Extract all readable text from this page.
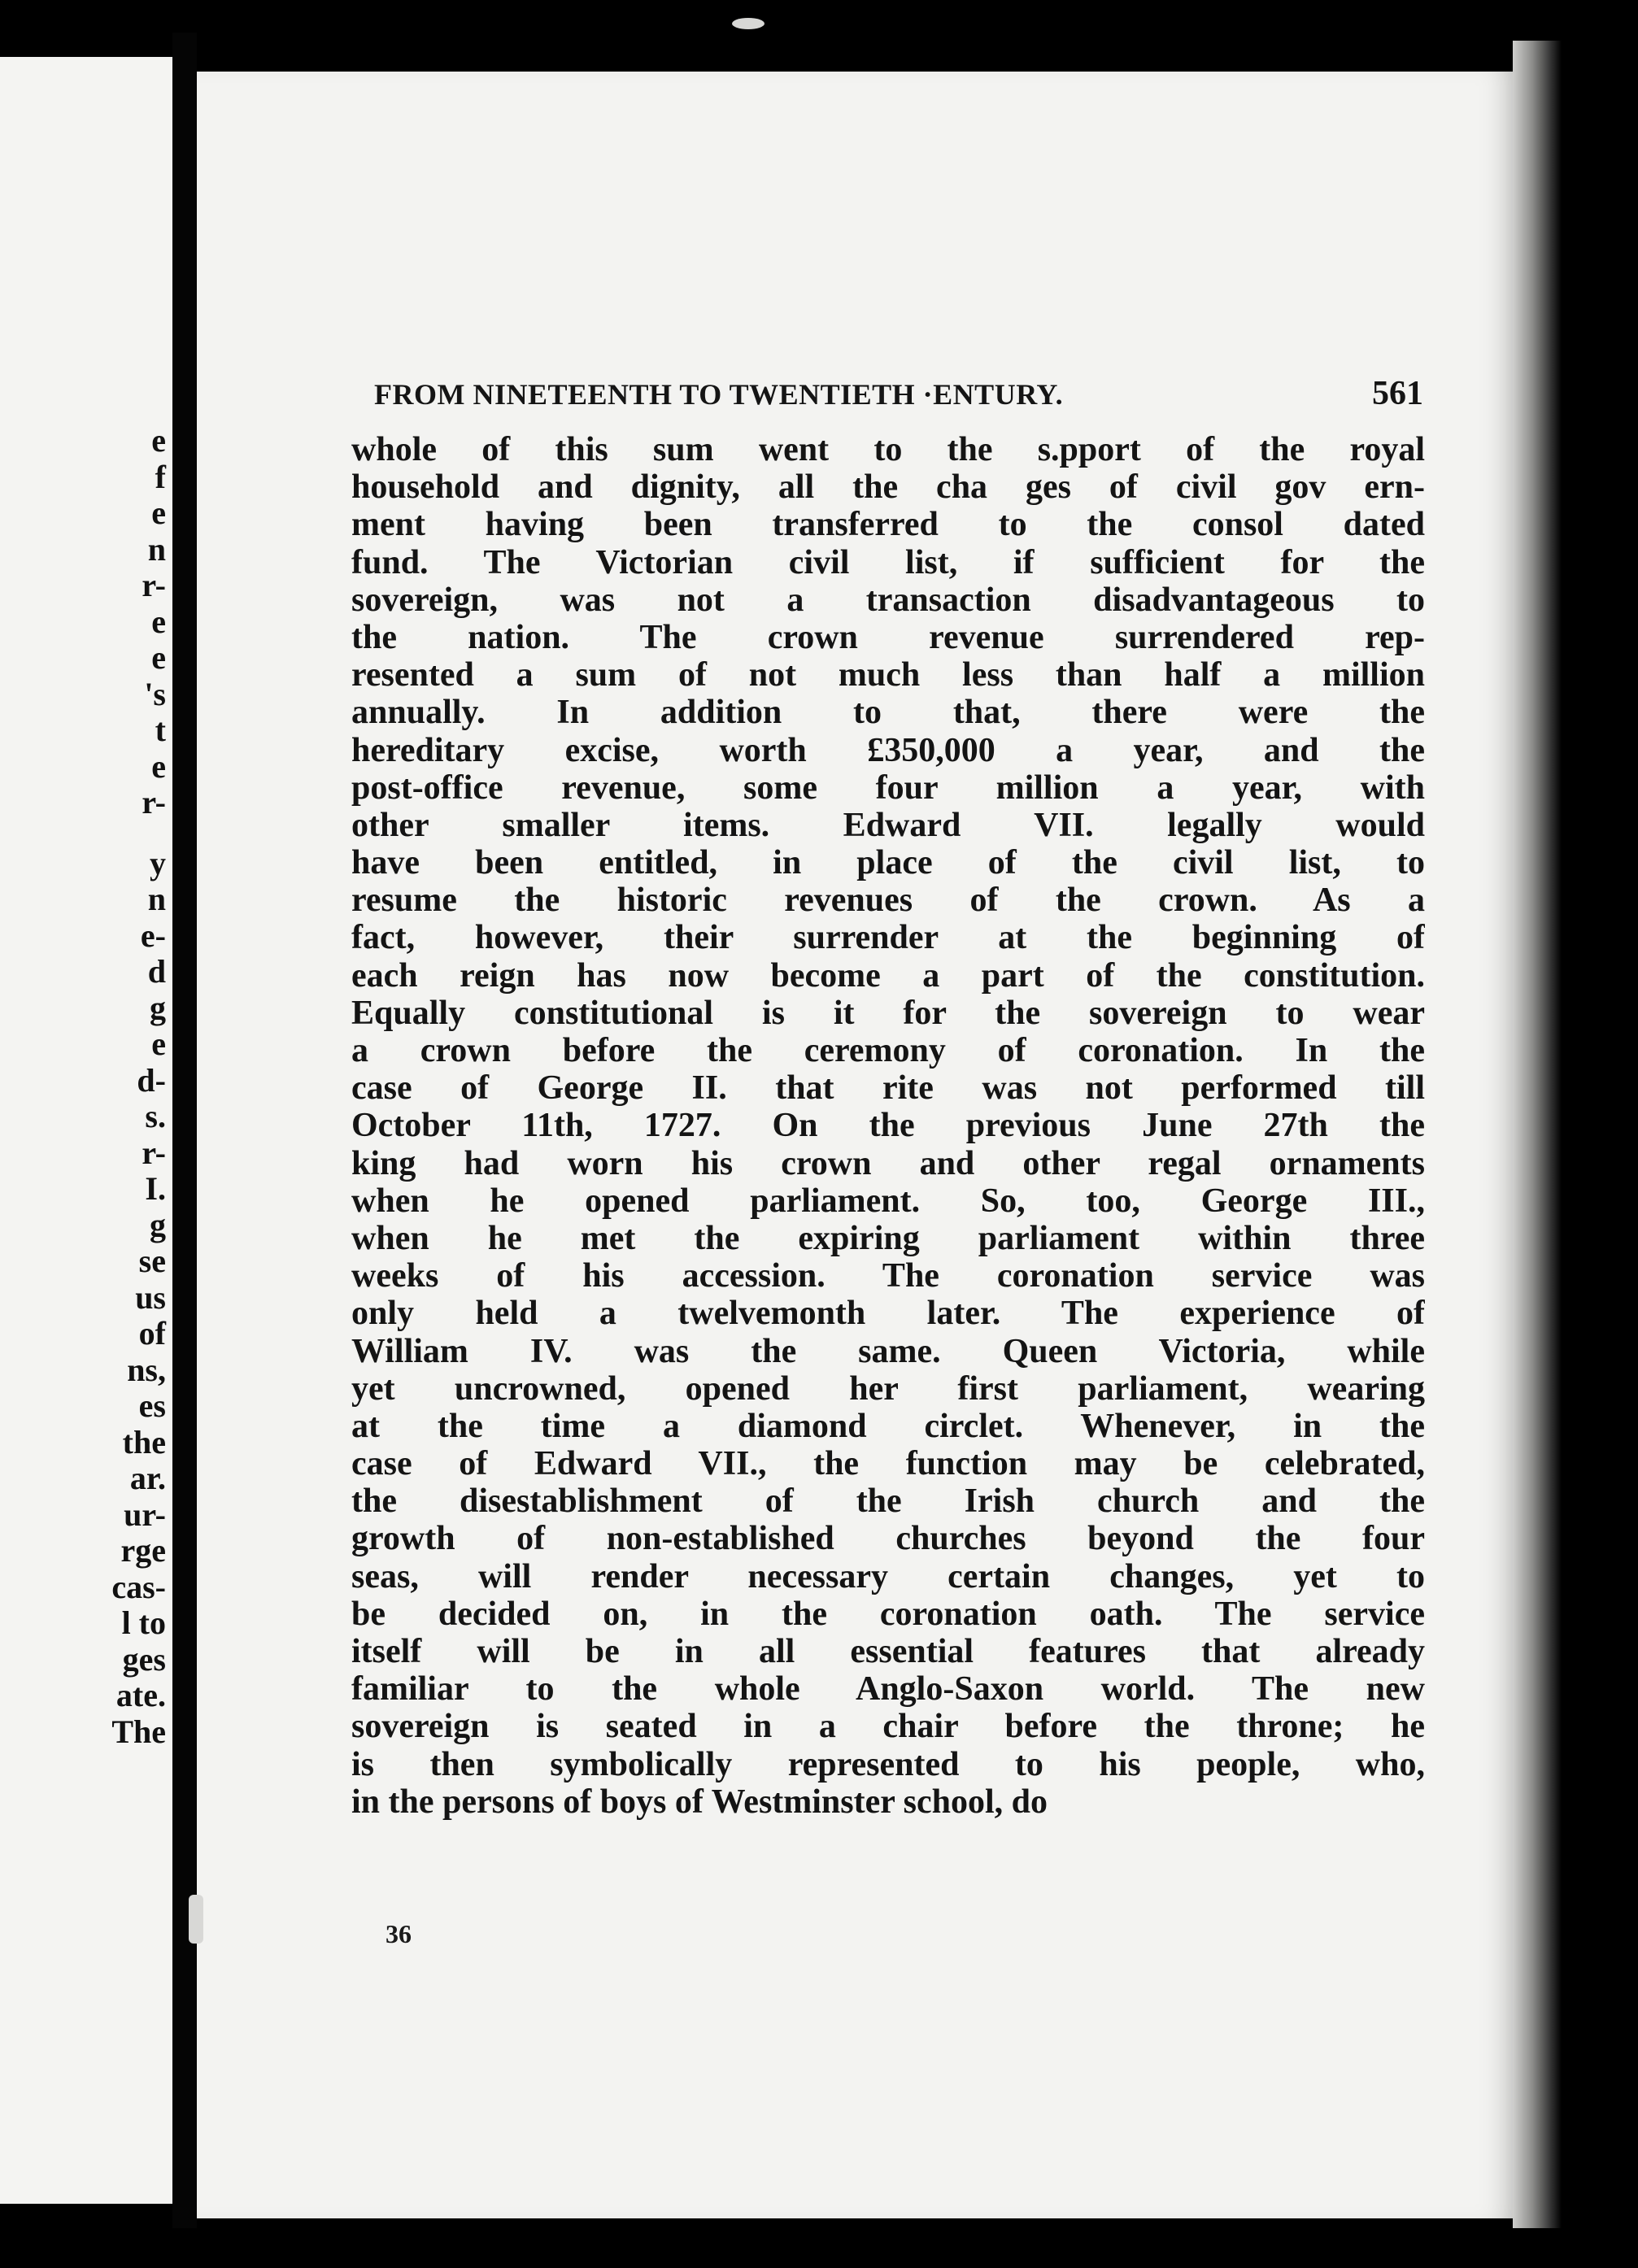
e
f
e
n
r-
e
e
's
t
e
r-
y
n
e-
d
g
e
d-
s.
r-
I.
g
se
us
of
ns,
es
the
ar.
ur-
rge
cas-
l to
ges
ate.
The
FROM NINETEENTH TO TWENTIETH ·ENTURY.	561
whole of this sum went to the s.pport of the royal
household and dignity, all the cha ges of civil gov ern-
ment having been transferred to the consol dated
fund. The Victorian civil list, if sufficient for the
sovereign, was not a transaction disadvantageous to
the nation. The crown revenue surrendered rep-
resented a sum of not much less than half a million
annually. In addition to that, there were the
hereditary excise, worth £350,000 a year, and the
post-office revenue, some four million a year, with
other smaller items. Edward VII. legally would
have been entitled, in place of the civil list, to
resume the historic revenues of the crown. As a
fact, however, their surrender at the beginning of
each reign has now become a part of the constitution.
Equally constitutional is it for the sovereign to wear
a crown before the ceremony of coronation. In the
case of George II. that rite was not performed till
October 11th, 1727. On the previous June 27th the
king had worn his crown and other regal ornaments
when he opened parliament. So, too, George III.,
when he met the expiring parliament within three
weeks of his accession. The coronation service was
only held a twelvemonth later. The experience of
William IV. was the same. Queen Victoria, while
yet uncrowned, opened her first parliament, wearing
at the time a diamond circlet. Whenever, in the
case of Edward VII., the function may be celebrated,
the disestablishment of the Irish church and the
growth of non-established churches beyond the four
seas, will render necessary certain changes, yet to
be decided on, in the coronation oath. The service
itself will be in all essential features that already
familiar to the whole Anglo-Saxon world. The new
sovereign is seated in a chair before the throne; he
is then symbolically represented to his people, who,
in the persons of boys of Westminster school, do
36
